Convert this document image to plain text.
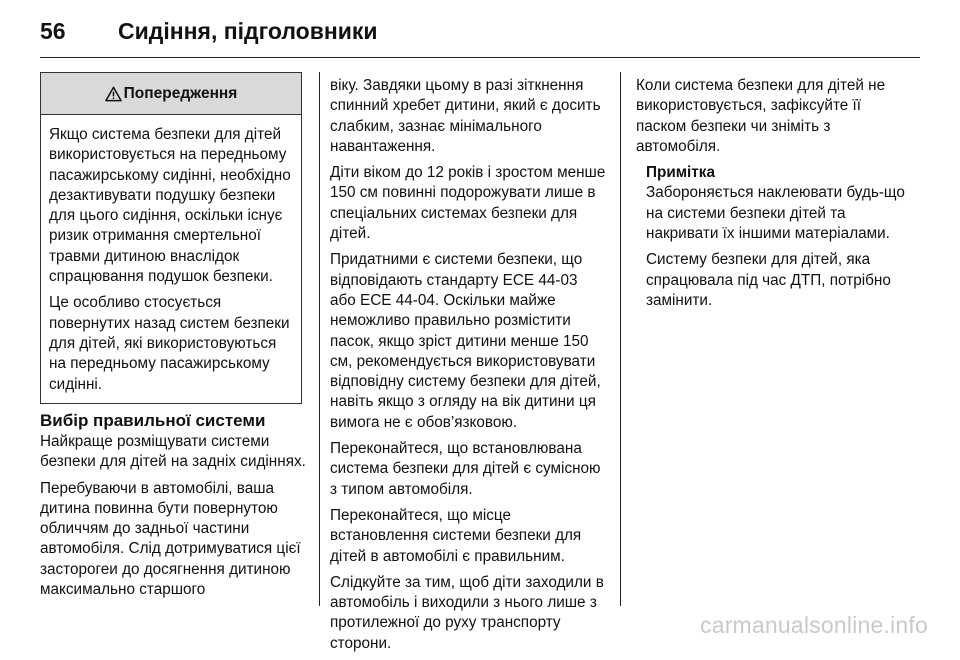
56	Сидіння, підголовники
Попередження

Якщо система безпеки для дітей використовується на передньому пасажирському сидінні, необхідно дезактивувати подушку безпеки для цього сидіння, оскільки існує ризик отримання смертельної травми дитиною внаслідок спрацювання подушок безпеки.

Це особливо стосується повернутих назад систем безпеки для дітей, які використовуються на передньому пасажирському сидінні.

Вибір правильної системи

Найкраще розміщувати системи безпеки для дітей на задніх сидіннях.

Перебуваючи в автомобілі, ваша дитина повинна бути повернутою обличчям до задньої частини автомобіля. Слід дотримуватися цієї засторогеи до досягнення дитиною максимально старшого

віку. Завдяки цьому в разі зіткнення спинний хребет дитини, який є досить слабким, зазнає мінімального навантаження.

Діти віком до 12 років і зростом менше 150 см повинні подорожувати лише в спеціальних системах безпеки для дітей.

Придатними є системи безпеки, що відповідають стандарту ЕСЕ 44-03 або ЕСЕ 44-04. Оскільки майже неможливо правильно розмістити пасок, якщо зріст дитини менше 150 см, рекомендується використовувати відповідну систему безпеки для дітей, навіть якщо з огляду на вік дитини ця вимога не є обов’язковою.

Переконайтеся, що встановлювана система безпеки для дітей є сумісною з типом автомобіля.

Переконайтеся, що місце встановлення системи безпеки для дітей в автомобілі є правильним.

Слідкуйте за тим, щоб діти заходили в автомобіль і виходили з нього лише з протилежної до руху транспорту сторони.

Коли система безпеки для дітей не використовується, зафіксуйте її паском безпеки чи зніміть з автомобіля.

Примітка

Забороняється наклеювати будь-що на системи безпеки дітей та накривати їх іншими матеріалами.

Систему безпеки для дітей, яка спрацювала під час ДТП, потрібно замінити.

carmanualsonline.info
